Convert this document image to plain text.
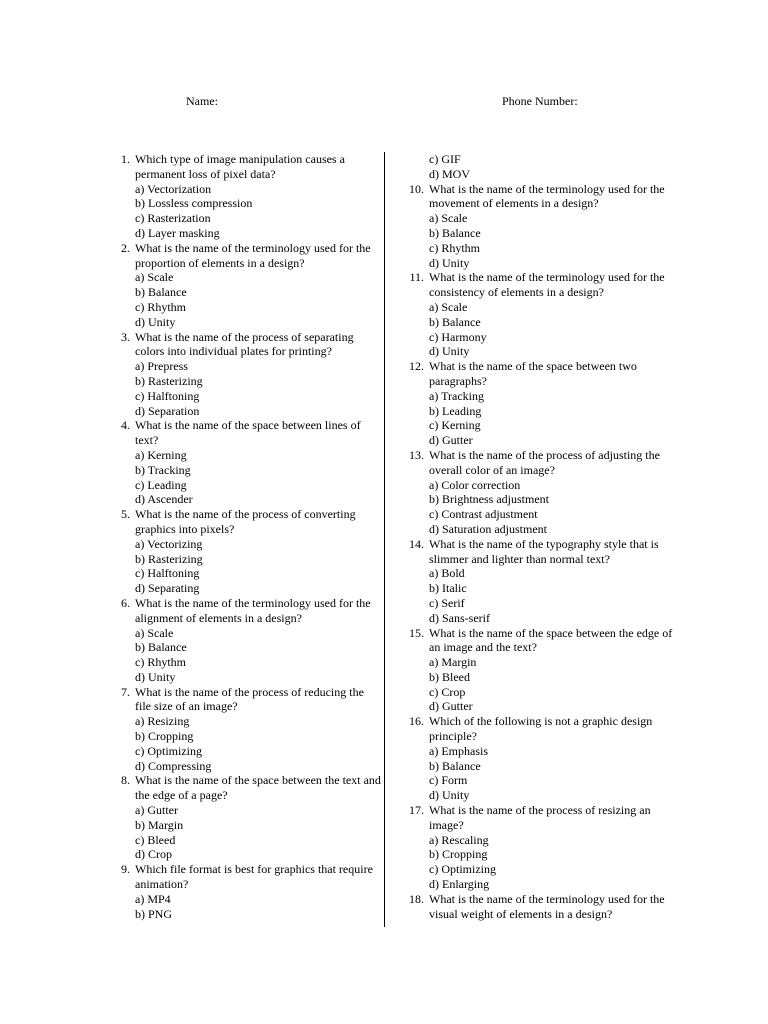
Name:	Phone Number:
1. Which type of image manipulation causes a permanent loss of pixel data?
a) Vectorization
b) Lossless compression
c) Rasterization
d) Layer masking
2. What is the name of the terminology used for the proportion of elements in a design?
a) Scale
b) Balance
c) Rhythm
d) Unity
3. What is the name of the process of separating colors into individual plates for printing?
a) Prepress
b) Rasterizing
c) Halftoning
d) Separation
4. What is the name of the space between lines of text?
a) Kerning
b) Tracking
c) Leading
d) Ascender
5. What is the name of the process of converting graphics into pixels?
a) Vectorizing
b) Rasterizing
c) Halftoning
d) Separating
6. What is the name of the terminology used for the alignment of elements in a design?
a) Scale
b) Balance
c) Rhythm
d) Unity
7. What is the name of the process of reducing the file size of an image?
a) Resizing
b) Cropping
c) Optimizing
d) Compressing
8. What is the name of the space between the text and the edge of a page?
a) Gutter
b) Margin
c) Bleed
d) Crop
9. Which file format is best for graphics that require animation?
a) MP4
b) PNG
c) GIF
d) MOV
10. What is the name of the terminology used for the movement of elements in a design?
a) Scale
b) Balance
c) Rhythm
d) Unity
11. What is the name of the terminology used for the consistency of elements in a design?
a) Scale
b) Balance
c) Harmony
d) Unity
12. What is the name of the space between two paragraphs?
a) Tracking
b) Leading
c) Kerning
d) Gutter
13. What is the name of the process of adjusting the overall color of an image?
a) Color correction
b) Brightness adjustment
c) Contrast adjustment
d) Saturation adjustment
14. What is the name of the typography style that is slimmer and lighter than normal text?
a) Bold
b) Italic
c) Serif
d) Sans-serif
15. What is the name of the space between the edge of an image and the text?
a) Margin
b) Bleed
c) Crop
d) Gutter
16. Which of the following is not a graphic design principle?
a) Emphasis
b) Balance
c) Form
d) Unity
17. What is the name of the process of resizing an image?
a) Rescaling
b) Cropping
c) Optimizing
d) Enlarging
18. What is the name of the terminology used for the visual weight of elements in a design?
